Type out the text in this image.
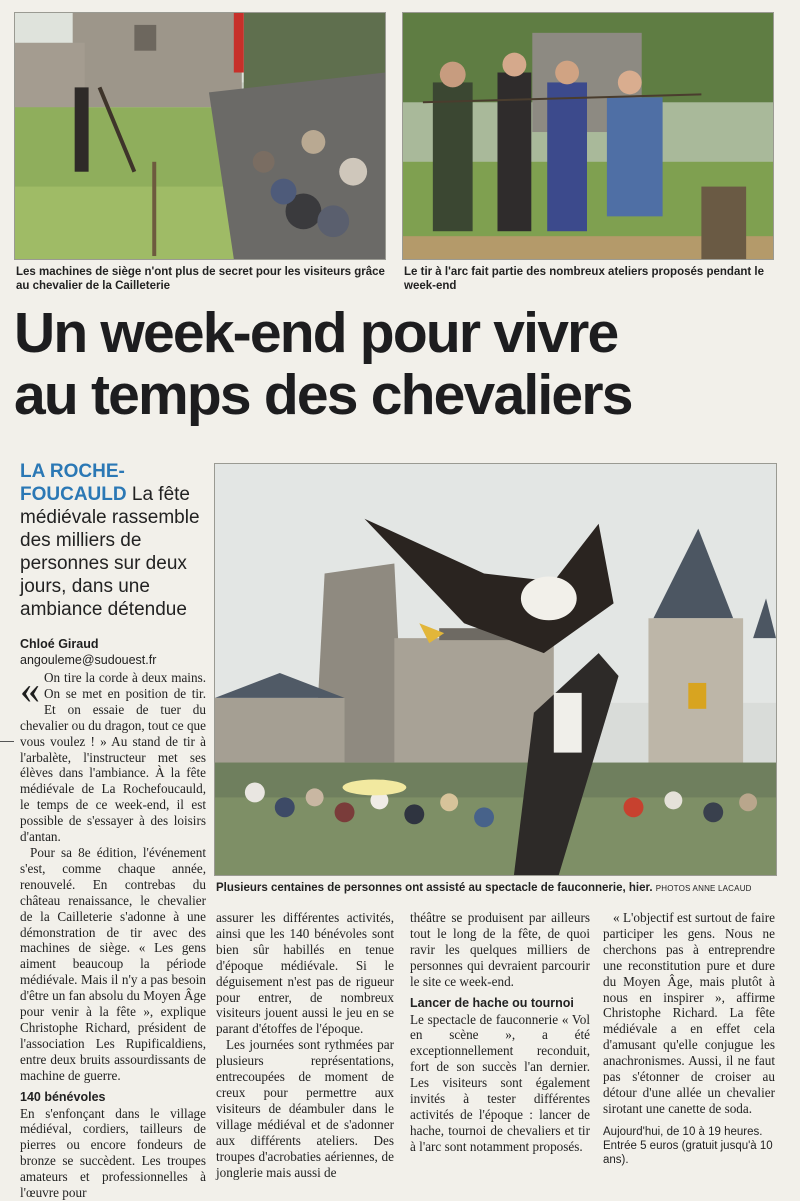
Les machines de siège n'ont plus de secret pour les visiteurs grâce au chevalier de la Cailleterie
Le tir à l'arc fait partie des nombreux ateliers proposés pendant le week-end
Un week-end pour vivre
au temps des chevaliers
LA ROCHE-
FOUCAULD La fête médiévale rassemble des milliers de personnes sur deux jours, dans une ambiance détendue
Chloé Giraud
angouleme@sudouest.fr
Plusieurs centaines de personnes ont assisté au spectacle de fauconnerie, hier. PHOTOS ANNE LACAUD

« On tire la corde à deux mains. On se met en position de tir. Et on essaie de tuer du chevalier ou du dragon, tout ce que vous voulez ! » Au stand de tir à l'arbalète, l'instructeur met ses élèves dans l'ambiance. À la fête médiévale de La Rochefoucauld, le temps de ce week-end, il est possible de s'essayer à des loisirs d'antan.

Pour sa 8e édition, l'événement s'est, comme chaque année, renouvelé. En contrebas du château renaissance, le chevalier de la Cailleterie s'adonne à une démonstration de tir avec des machines de siège. « Les gens aiment beaucoup la période médiévale. Mais il n'y a pas besoin d'être un fan absolu du Moyen Âge pour venir à la fête », explique Christophe Richard, président de l'association Les Rupificaldiens, entre deux bruits assourdissants de machine de guerre.

140 bénévoles

En s'enfonçant dans le village médiéval, cordiers, tailleurs de pierres ou encore fondeurs de bronze se succèdent. Les troupes amateurs et professionnelles à l'œuvre pour

assurer les différentes activités, ainsi que les 140 bénévoles sont bien sûr habillés en tenue d'époque médiévale. Si le déguisement n'est pas de rigueur pour entrer, de nombreux visiteurs jouent aussi le jeu en se parant d'étoffes de l'époque.

Les journées sont rythmées par plusieurs représentations, entrecoupées de moment de creux pour permettre aux visiteurs de déambuler dans le village médiéval et de s'adonner aux différents ateliers. Des troupes d'acrobaties aériennes, de jonglerie mais aussi de

théâtre se produisent par ailleurs tout le long de la fête, de quoi ravir les quelques milliers de personnes qui devraient parcourir le site ce week-end.

Lancer de hache ou tournoi

Le spectacle de fauconnerie « Vol en scène », a été exceptionnellement reconduit, fort de son succès l'an dernier. Les visiteurs sont également invités à tester différentes activités de l'époque : lancer de hache, tournoi de chevaliers et tir à l'arc sont notamment proposés.

« L'objectif est surtout de faire participer les gens. Nous ne cherchons pas à entreprendre une reconstitution pure et dure du Moyen Âge, mais plutôt à nous en inspirer », affirme Christophe Richard. La fête médiévale a en effet cela d'amusant qu'elle conjugue les anachronismes. Aussi, il ne faut pas s'étonner de croiser au détour d'une allée un chevalier sirotant une canette de soda.

Aujourd'hui, de 10 à 19 heures. Entrée 5 euros (gratuit jusqu'à 10 ans).
